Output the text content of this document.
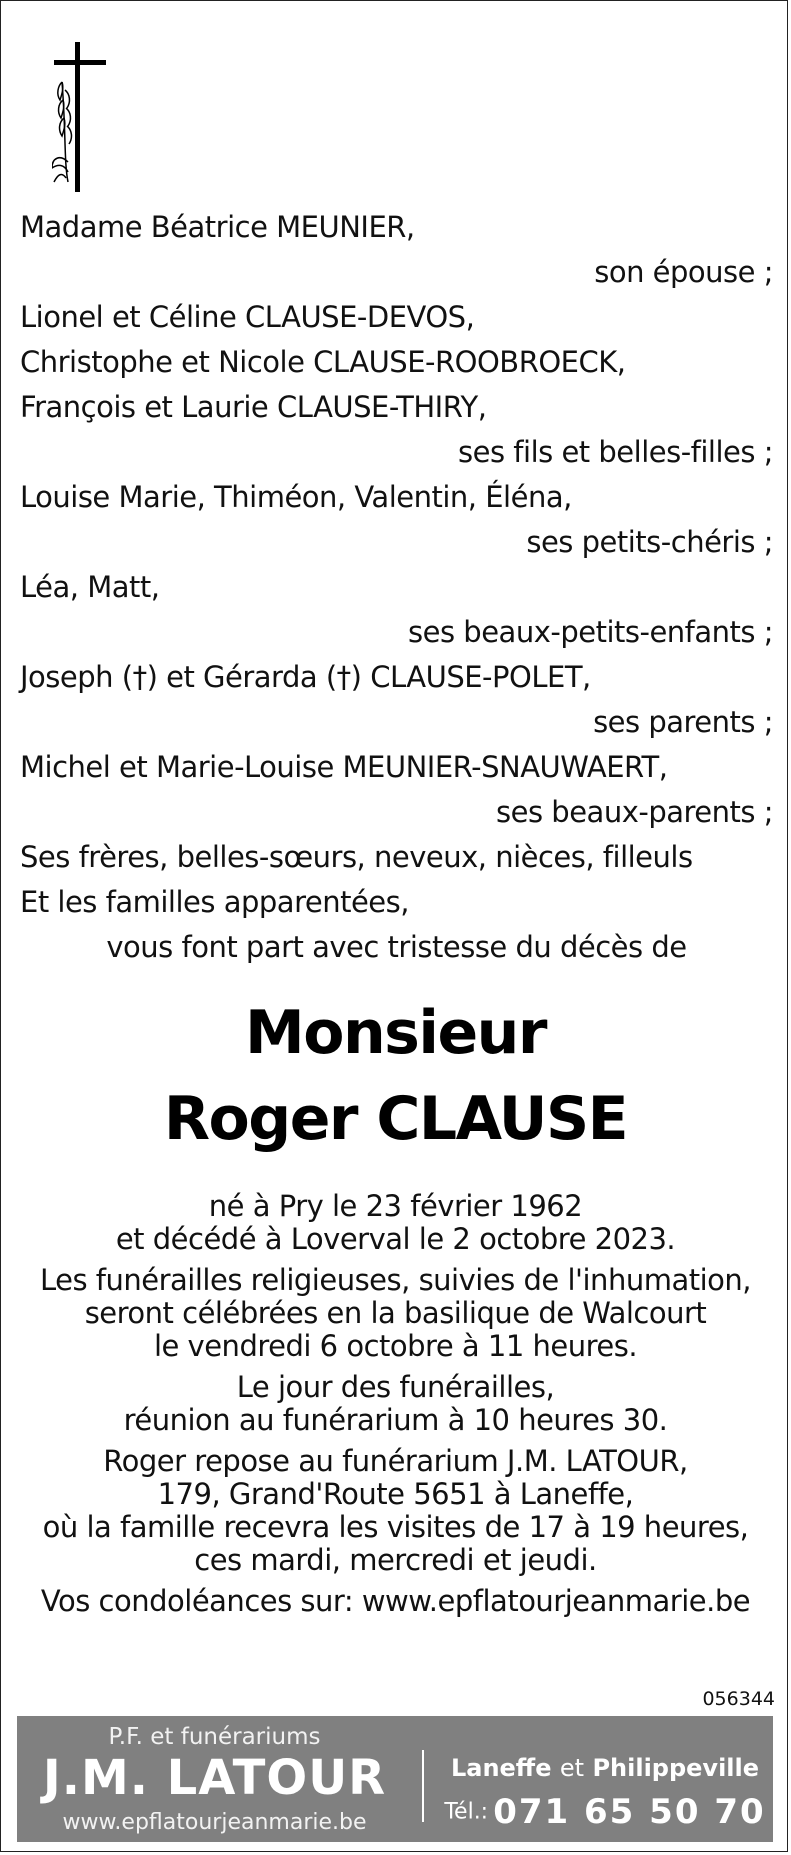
Madame Béatrice MEUNIER,
son épouse ;
Lionel et Céline CLAUSE-DEVOS,
Christophe et Nicole CLAUSE-ROOBROECK,
François et Laurie CLAUSE-THIRY,
ses fils et belles-filles ;
Louise Marie, Thiméon, Valentin, Éléna,
ses petits-chéris ;
Léa, Matt,
ses beaux-petits-enfants ;
Joseph (†) et Gérarda (†) CLAUSE-POLET,
ses parents ;
Michel et Marie-Louise MEUNIER-SNAUWAERT,
ses beaux-parents ;
Ses frères, belles-sœurs, neveux, nièces, filleuls
Et les familles apparentées,
vous font part avec tristesse du décès de
Monsieur
Roger CLAUSE
né à Pry le 23 février 1962
et décédé à Loverval le 2 octobre 2023.
Les funérailles religieuses, suivies de l'inhumation,
seront célébrées en la basilique de Walcourt
le vendredi 6 octobre à 11 heures.
Le jour des funérailles,
réunion au funérarium à 10 heures 30.
Roger repose au funérarium J.M. LATOUR,
179, Grand'Route 5651 à Laneffe,
où la famille recevra les visites de 17 à 19 heures,
ces mardi, mercredi et jeudi.
Vos condoléances sur: www.epflatourjeanmarie.be
056344
P.F. et funérariums
J.M. LATOUR
www.epflatourjeanmarie.be
Laneffe et Philippeville
Tél.: 071 65 50 70
